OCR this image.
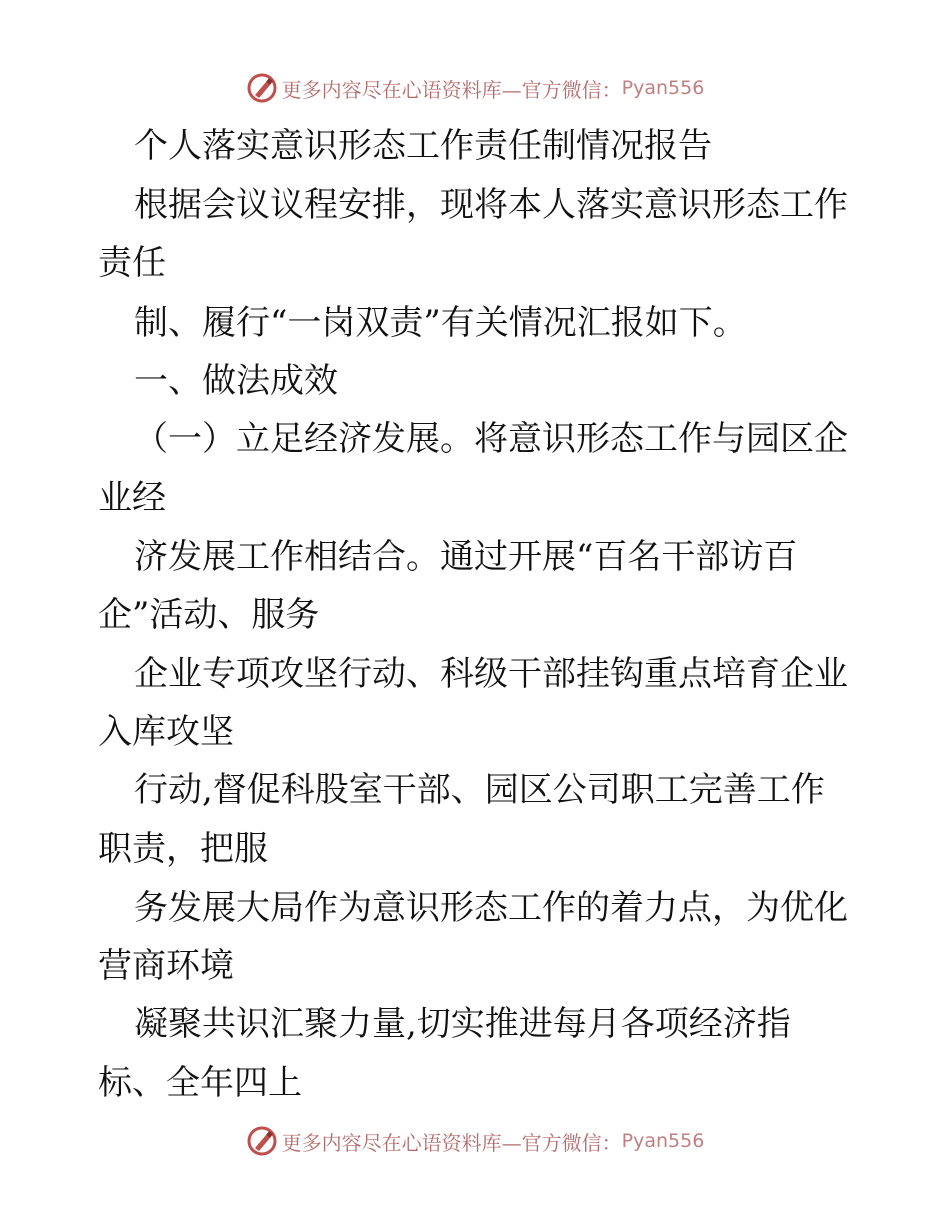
更多内容尽在心语资料库—官方微信： Pyan556
个人落实意识形态工作责任制情况报告
根据会议议程安排，现将本人落实意识形态工作
责任
制、履行“一岗双责”有关情况汇报如下。
一、做法成效
（一）立足经济发展。将意识形态工作与园区企
业经
济发展工作相结合。通过开展“百名干部访百
企”活动、服务
企业专项攻坚行动、科级干部挂钩重点培育企业
入库攻坚
行动,督促科股室干部、园区公司职工完善工作
职责，把服
务发展大局作为意识形态工作的着力点，为优化
营商环境
凝聚共识汇聚力量,切实推进每月各项经济指
标、全年四上
更多内容尽在心语资料库—官方微信： Pyan556
